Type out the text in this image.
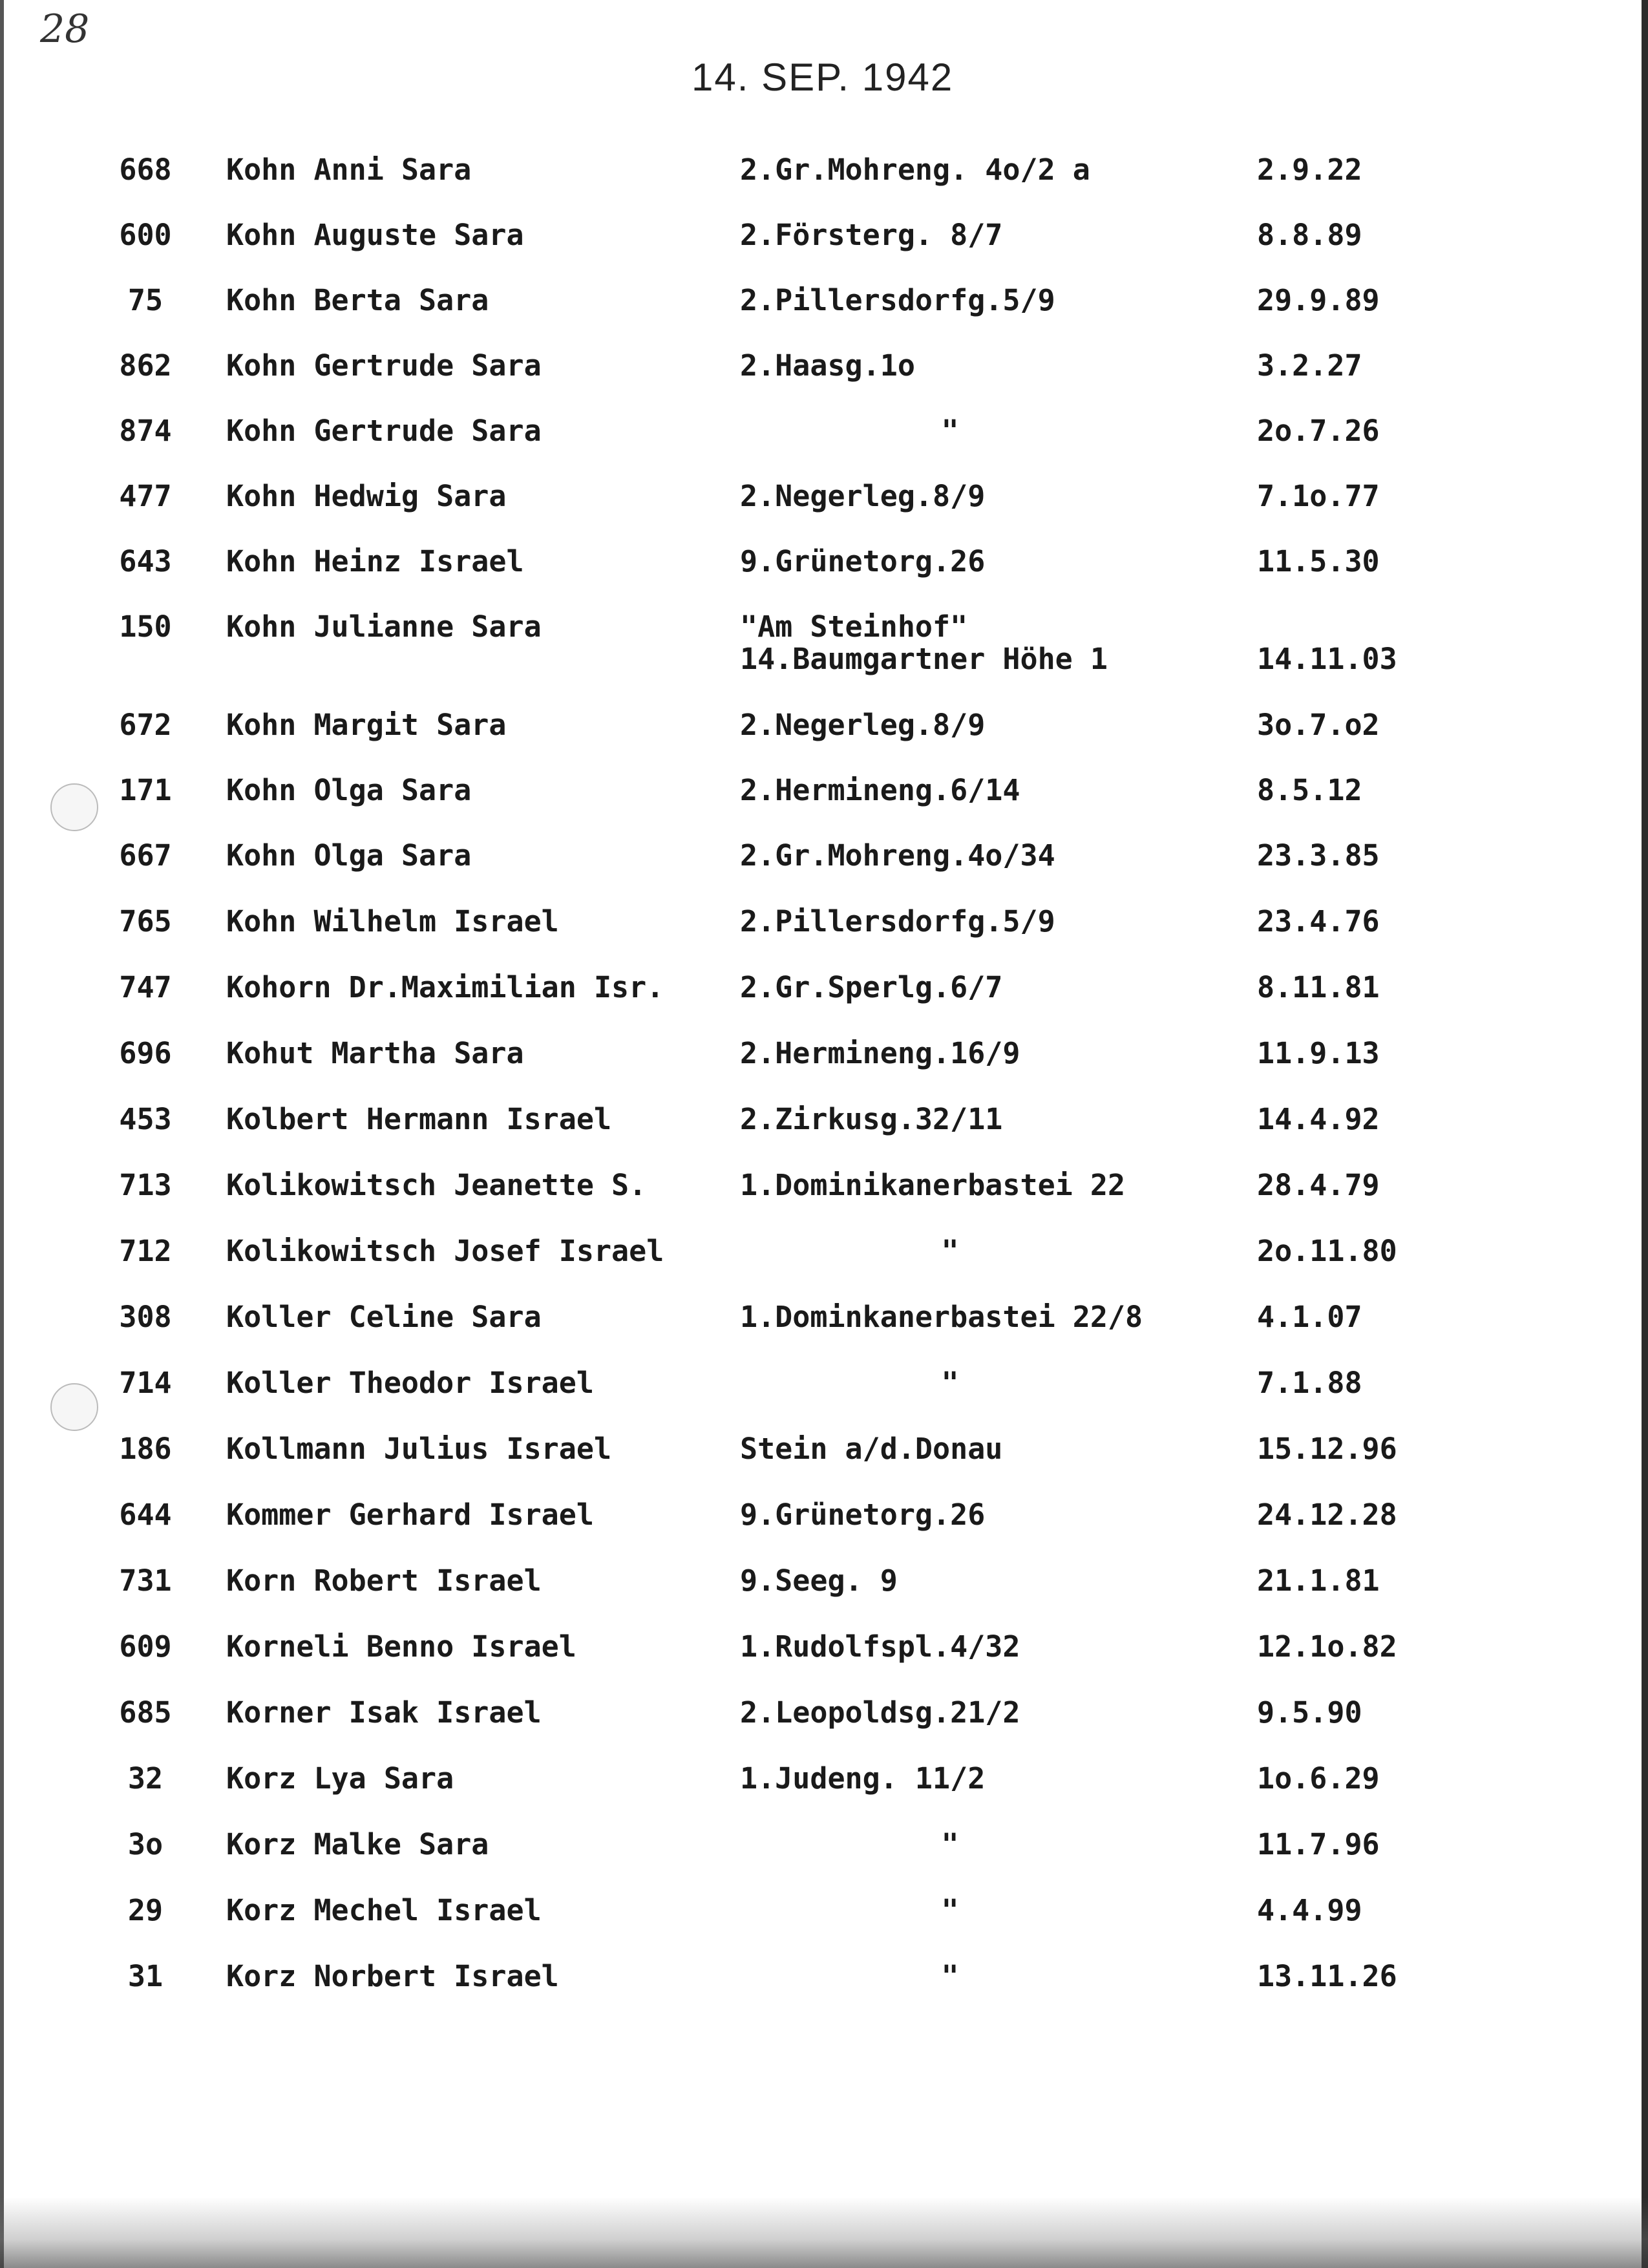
28
14. SEP. 1942
668	Kohn Anni Sara	2.Gr.Mohreng. 4o/2 a	2.9.22
600	Kohn Auguste Sara	2.Försterg. 8/7	8.8.89
75	Kohn Berta Sara	2.Pillersdorfg.5/9	29.9.89
862	Kohn Gertrude Sara	2.Haasg.1o	3.2.27
874	Kohn Gertrude Sara	"	2o.7.26
477	Kohn Hedwig Sara	2.Negerleg.8/9	7.1o.77
643	Kohn Heinz Israel	9.Grünetorg.26	11.5.30
150	Kohn Julianne Sara	"Am Steinhof"
14.Baumgartner Höhe 1	14.11.03
672	Kohn Margit Sara	2.Negerleg.8/9	3o.7.o2
171	Kohn Olga Sara	2.Hermineng.6/14	8.5.12
667	Kohn Olga Sara	2.Gr.Mohreng.4o/34	23.3.85
765	Kohn Wilhelm Israel	2.Pillersdorfg.5/9	23.4.76
747	Kohorn Dr.Maximilian Isr.	2.Gr.Sperlg.6/7	8.11.81
696	Kohut Martha Sara	2.Hermineng.16/9	11.9.13
453	Kolbert Hermann Israel	2.Zirkusg.32/11	14.4.92
713	Kolikowitsch Jeanette S.	1.Dominikanerbastei 22	28.4.79
712	Kolikowitsch Josef Israel	"	2o.11.80
308	Koller Celine Sara	1.Dominkanerbastei 22/8	4.1.07
714	Koller Theodor Israel	"	7.1.88
186	Kollmann Julius Israel	Stein a/d.Donau	15.12.96
644	Kommer Gerhard Israel	9.Grünetorg.26	24.12.28
731	Korn Robert Israel	9.Seeg. 9	21.1.81
609	Korneli Benno Israel	1.Rudolfspl.4/32	12.1o.82
685	Korner Isak Israel	2.Leopoldsg.21/2	9.5.90
32	Korz Lya Sara	1.Judeng. 11/2	1o.6.29
3o	Korz Malke Sara	"	11.7.96
29	Korz Mechel Israel	"	4.4.99
31	Korz Norbert Israel	"	13.11.26
